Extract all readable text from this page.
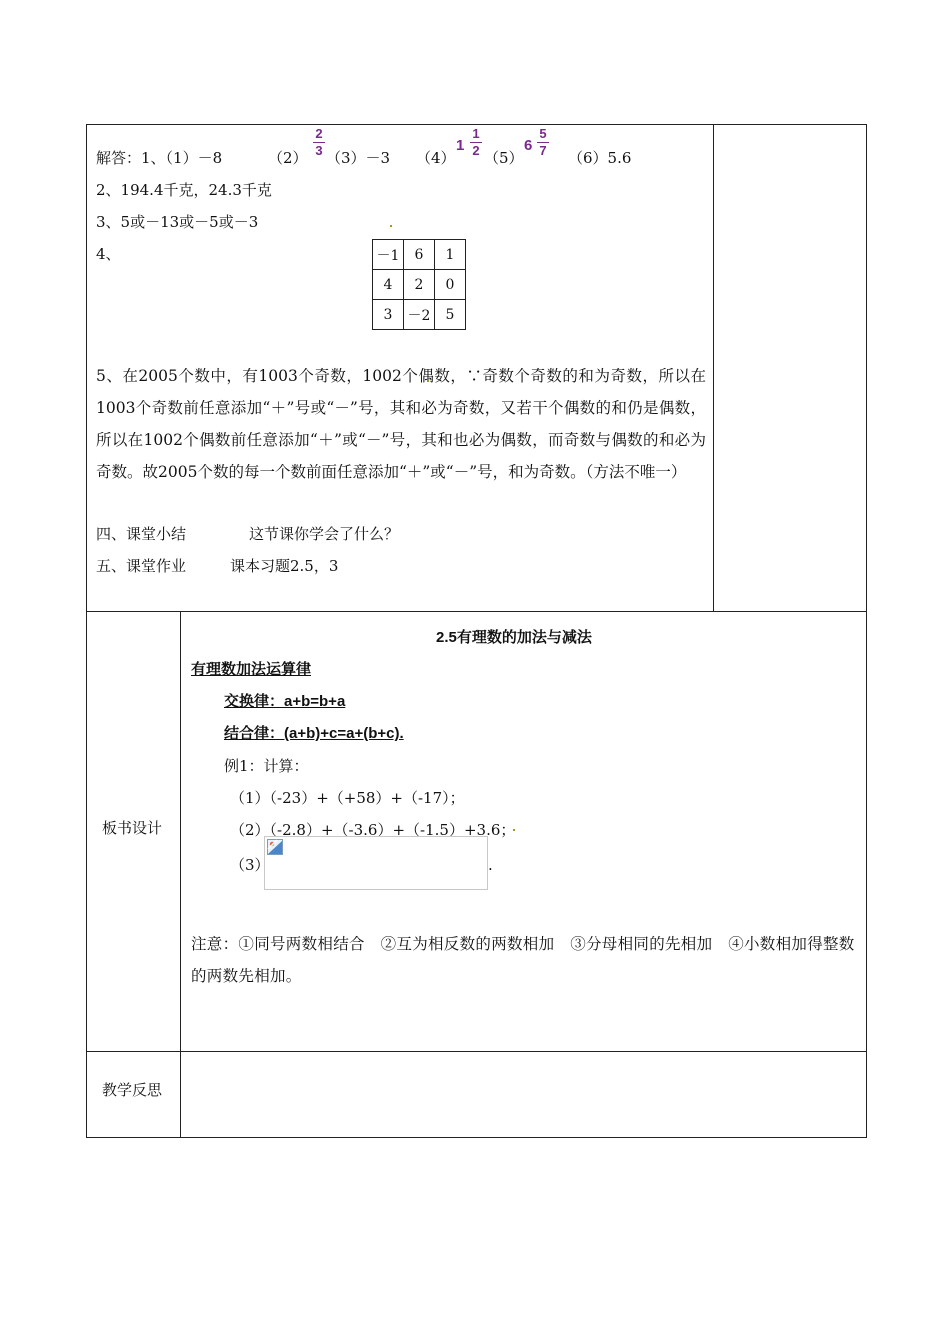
解答：1、（1）－8	（2）
2
3 （3）－3 （4）
1
1
2 （5）
6
5
7 （6）5.6
2、194.4千克，24.3千克
3、5或－13或－5或－3
4、	－1	6	1
4	2	0
3	－2	5
5、在2005个数中，有1003个奇数，1002个偶数，∵奇数个奇数的和为奇数，所以在1003个奇数前任意添加“＋”号或“－”号，其和必为奇数，又若干个偶数的和仍是偶数，所以在1002个偶数前任意添加“＋”或“－”号，其和也必为偶数，而奇数与偶数的和必为奇数。故2005个数的每一个数前面任意添加“＋”或“－”号，和为奇数。（方法不唯一）
四、课堂小结	这节课你学会了什么？
五、课堂作业	课本习题2.5，3
板书设计
2.5有理数的加法与减法
有理数加法运算律
交换律：a+b=b+a
结合律：(a+b)+c=a+(b+c).
例1：计算：
（1）（-23）+（+58）+（-17）；
（2）（-2.8）+（-3.6）+（-1.5）+3.6；
（3）	.
注意：①同号两数相结合　②互为相反数的两数相加　③分母相同的先相加　④小数相加得整数的两数先相加。
教学反思
